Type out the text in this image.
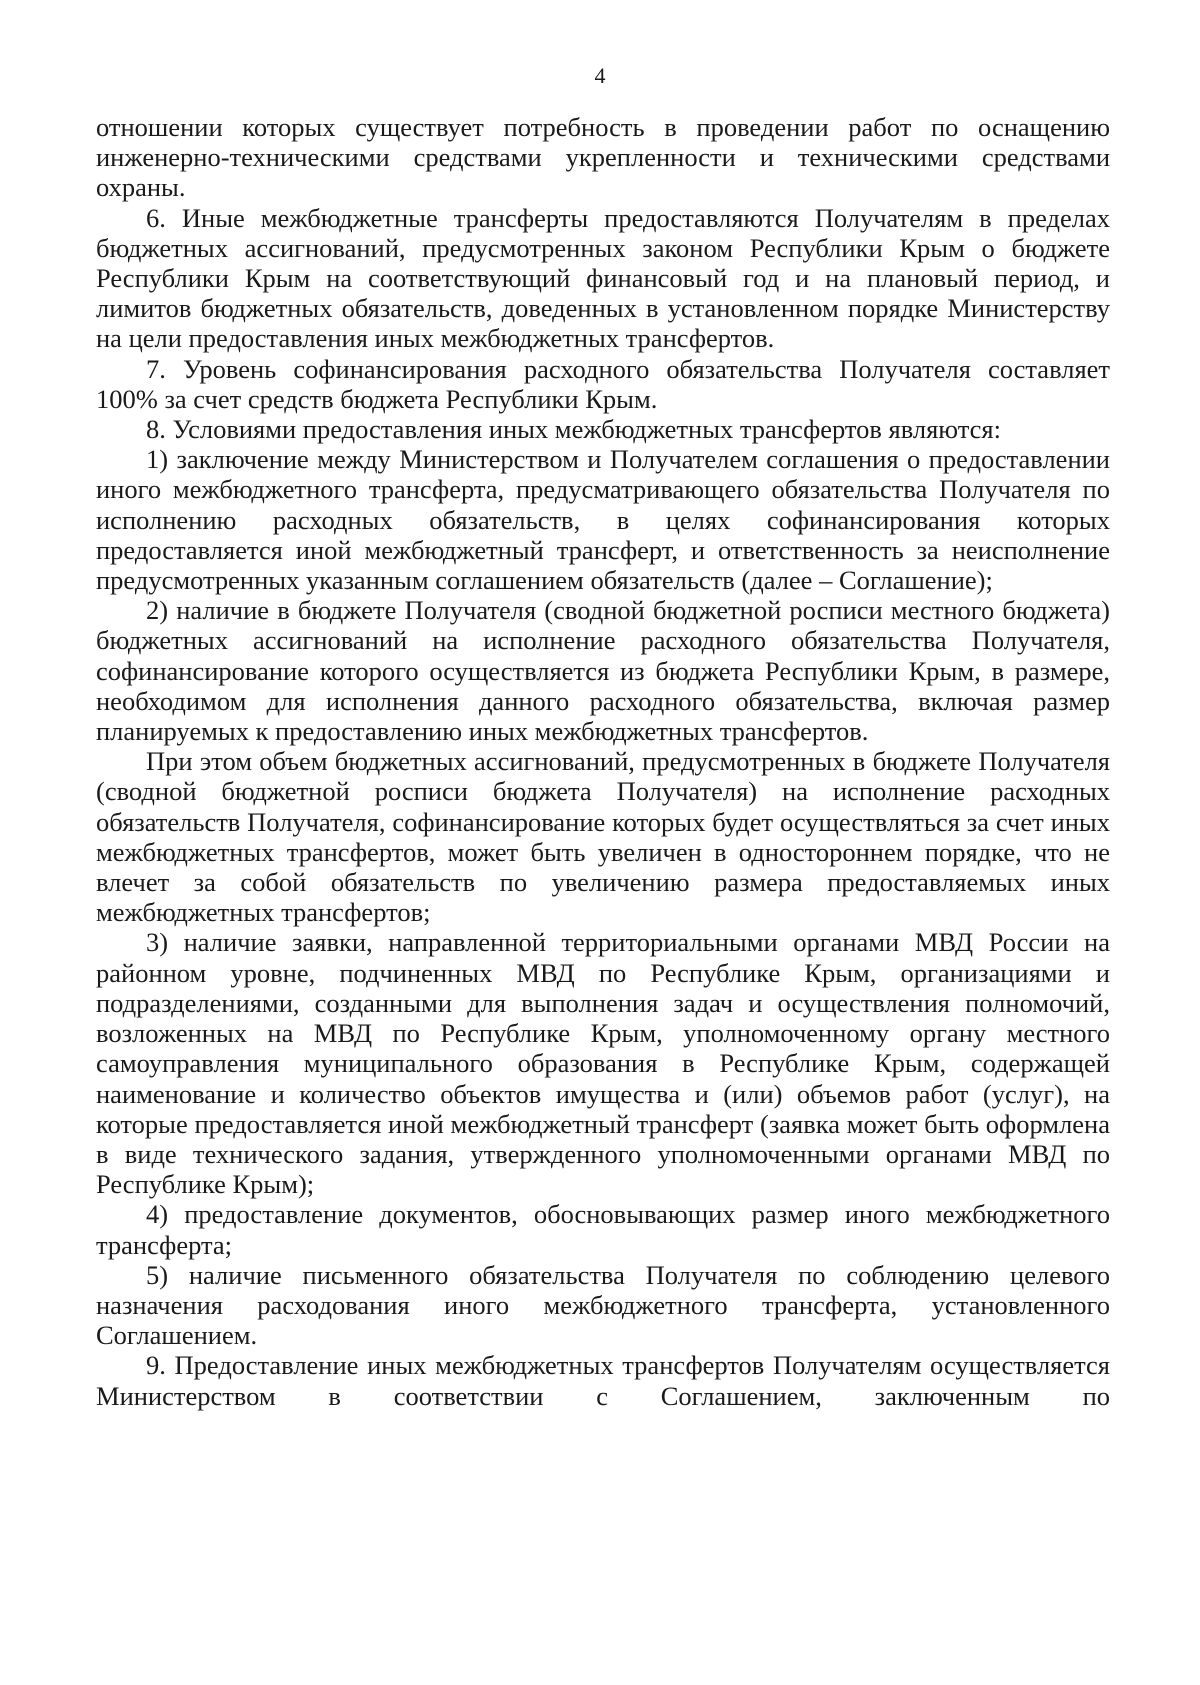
4

отношении которых существует потребность в проведении работ по оснащению инженерно-техническими средствами укрепленности и техническими средствами охраны.

6. Иные межбюджетные трансферты предоставляются Получателям в пределах бюджетных ассигнований, предусмотренных законом Республики Крым о бюджете Республики Крым на соответствующий финансовый год и на плановый период, и лимитов бюджетных обязательств, доведенных в установленном порядке Министерству на цели предоставления иных межбюджетных трансфертов.

7. Уровень софинансирования расходного обязательства Получателя составляет 100% за счет средств бюджета Республики Крым.

8. Условиями предоставления иных межбюджетных трансфертов являются:

1) заключение между Министерством и Получателем соглашения о предоставлении иного межбюджетного трансферта, предусматривающего обязательства Получателя по исполнению расходных обязательств, в целях софинансирования которых предоставляется иной межбюджетный трансферт, и ответственность за неисполнение предусмотренных указанным соглашением обязательств (далее – Соглашение);

2) наличие в бюджете Получателя (сводной бюджетной росписи местного бюджета) бюджетных ассигнований на исполнение расходного обязательства Получателя, софинансирование которого осуществляется из бюджета Республики Крым, в размере, необходимом для исполнения данного расходного обязательства, включая размер планируемых к предоставлению иных межбюджетных трансфертов.

При этом объем бюджетных ассигнований, предусмотренных в бюджете Получателя (сводной бюджетной росписи бюджета Получателя) на исполнение расходных обязательств Получателя, софинансирование которых будет осуществляться за счет иных межбюджетных трансфертов, может быть увеличен в одностороннем порядке, что не влечет за собой обязательств по увеличению размера предоставляемых иных межбюджетных трансфертов;

3) наличие заявки, направленной территориальными органами МВД России на районном уровне, подчиненных МВД по Республике Крым, организациями и подразделениями, созданными для выполнения задач и осуществления полномочий, возложенных на МВД по Республике Крым, уполномоченному органу местного самоуправления муниципального образования в Республике Крым, содержащей наименование и количество объектов имущества и (или) объемов работ (услуг), на которые предоставляется иной межбюджетный трансферт (заявка может быть оформлена в виде технического задания, утвержденного уполномоченными органами МВД по Республике Крым);

4) предоставление документов, обосновывающих размер иного межбюджетного трансферта;

5) наличие письменного обязательства Получателя по соблюдению целевого назначения расходования иного межбюджетного трансферта, установленного Соглашением.

9. Предоставление иных межбюджетных трансфертов Получателям осуществляется Министерством в соответствии с Соглашением, заключенным по
